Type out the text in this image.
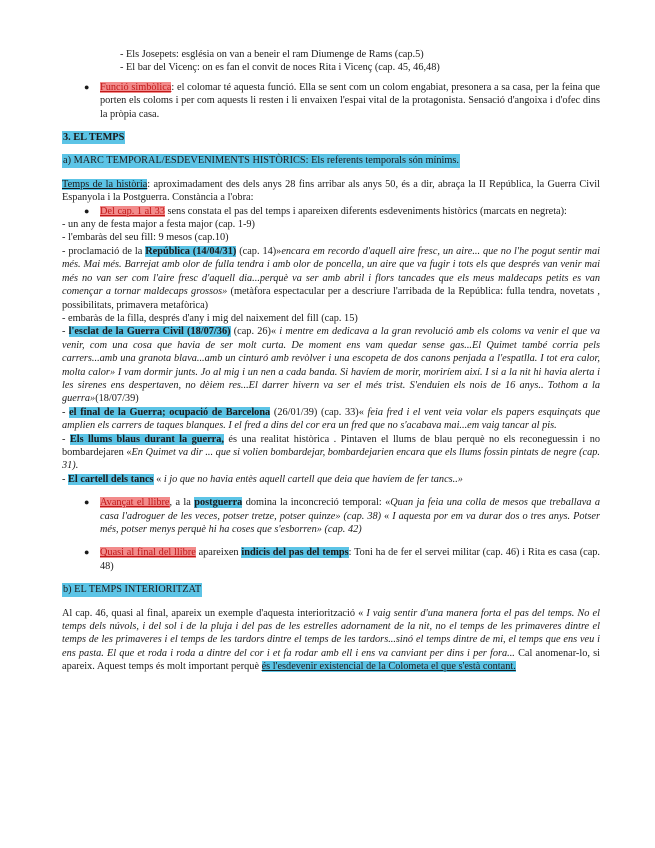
- Els Josepets: església on van a beneir el ram Diumenge de Rams (cap.5)

- El bar del Vicenç: on es fan el convit de noces Rita i Vicenç (cap. 45, 46,48)

● Funció simbòlica: el colomar té aquesta funció. Ella se sent com un colom engabiat, presonera a sa casa, per la feina que porten els coloms i per com aquests li resten i li envaixen l'espai vital de la protagonista. Sensació d'angoixa i d'ofec dins la pròpia casa.

3. EL TEMPS

a) MARC TEMPORAL/ESDEVENIMENTS HISTÒRICS: Els referents temporals són mínims.

Temps de la història: aproximadament des dels anys 28 fins arribar als anys 50, és a dir, abraça la II República, la Guerra Civil Espanyola i la Postguerra. Constància a l'obra:

● Del cap. 1 al 33 sens constata el pas del temps i apareixen diferents esdeveniments històrics (marcats en negreta):

- un any de festa major a festa major (cap. 1-9)

- l'embaràs del seu fill: 9 mesos (cap.10)

- proclamació de la República (14/04/31) (cap. 14)»encara em recordo d'aquell aire fresc, un aire... que no l'he pogut sentir mai més. Mai més. Barrejat amb olor de fulla tendra i amb olor de poncella, un aire que va fugir i tots els que després van venir mai més no van ser com l'aire fresc d'aquell dia...perquè va ser amb abril i flors tancades que els meus maldecaps petits es van començar a tornar maldecaps grossos» (metàfora espectacular per a descriure l'arribada de la República: fulla tendra, novetats , possibilitats, primavera metafòrica)

- embaràs de la filla, després d'any i mig del naixement del fill (cap. 15)

- l'esclat de la Guerra Civil (18/07/36) (cap. 26)« i mentre em dedicava a la gran revolució amb els coloms va venir el que va venir, com una cosa que havia de ser molt curta. De moment ens vam quedar sense gas...El Quimet també corria pels carrers...amb una granota blava...amb un cinturó amb revòlver i una escopeta de dos canons penjada a l'espatlla. I tot era calor, molta calor» I vam dormir junts. Jo al mig i un nen a cada banda. Si havíem de morir, moriríem així. I si a la nit hi havia alerta i les sirenes ens despertaven, no dèiem res...El darrer hivern va ser el més trist. S'enduien els nois de 16 anys.. Tothom a la guerra»(18/07/39)

- el final de la Guerra; ocupació de Barcelona (26/01/39) (cap. 33)« feia fred i el vent veia volar els papers esquinçats que amplien els carrers de taques blanques. I el fred a dins del cor era un fred que no s'acabava mai...em vaig tancar al pis.

- Els llums blaus durant la guerra, és una realitat històrica . Pintaven el llums de blau perquè no els reconeguessin i no bombardejaren «En Quimet va dir ... que si volien bombardejar, bombardejarien encara que els llums fossin pintats de negre (cap. 31).

- El cartell dels tancs « i jo que no havia entès aquell cartell que deia que havíem de fer tancs..»

● Avançat el llibre, a la postguerra domina la inconcreció temporal: «Quan ja feia una colla de mesos que treballava a casa l'adroguer de les veces, potser tretze, potser quinze» (cap. 38) « I aquesta por em va durar dos o tres anys. Potser més, potser menys perquè hi ha coses que s'esborren» (cap. 42)

● Quasi al final del llibre apareixen indicis del pas del temps: Toni ha de fer el servei militar (cap. 46) i Rita es casa (cap. 48)

b) EL TEMPS INTERIORITZAT

Al cap. 46, quasi al final, apareix un exemple d'aquesta interiorització « I vaig sentir d'una manera forta el pas del temps. No el temps dels núvols, i del sol i de la pluja i del pas de les estrelles adornament de la nit, no el temps de les primaveres dintre el temps de les primaveres i el temps de les tardors dintre el temps de les tardors...sinó el temps dintre de mi, el temps que ens veu i ens pasta. El que et roda i roda a dintre del cor i et fa rodar amb ell i ens va canviant per dins i per fora... Cal anomenar-lo, si apareix. Aquest temps és molt important perquè és l'esdevenir existencial de la Colometa el que s'està contant.
